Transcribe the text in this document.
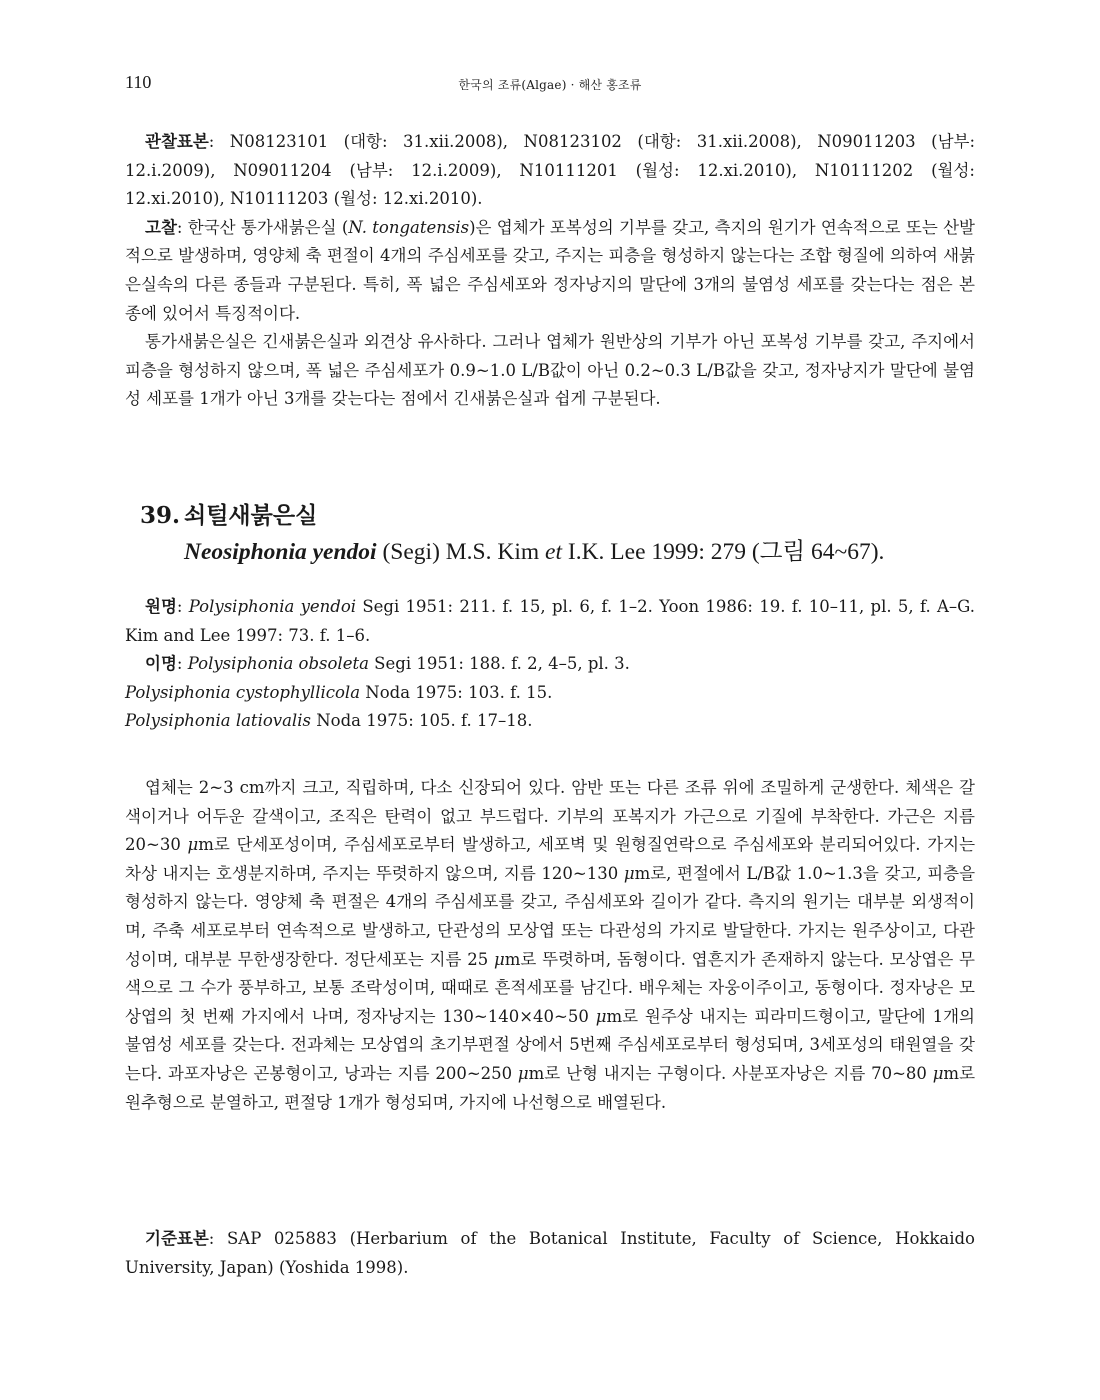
110	한국의 조류(Algae) · 해산 홍조류

관찰표본: N08123101 (대항: 31.xii.2008), N08123102 (대항: 31.xii.2008), N09011203 (남부: 12.i.2009), N09011204 (남부: 12.i.2009), N10111201 (월성: 12.xi.2010), N10111202 (월성: 12.xi.2010), N10111203 (월성: 12.xi.2010).

고찰: 한국산 통가새붉은실 (N. tongatensis)은 엽체가 포복성의 기부를 갖고, 측지의 원기가 연속적으로 또는 산발적으로 발생하며, 영양체 축 편절이 4개의 주심세포를 갖고, 주지는 피층을 형성하지 않는다는 조합 형질에 의하여 새붉은실속의 다른 종들과 구분된다. 특히, 폭 넓은 주심세포와 정자낭지의 말단에 3개의 불염성 세포를 갖는다는 점은 본 종에 있어서 특징적이다.

통가새붉은실은 긴새붉은실과 외견상 유사하다. 그러나 엽체가 원반상의 기부가 아닌 포복성 기부를 갖고, 주지에서 피층을 형성하지 않으며, 폭 넓은 주심세포가 0.9~1.0 L/B값이 아닌 0.2~0.3 L/B값을 갖고, 정자낭지가 말단에 불염성 세포를 1개가 아닌 3개를 갖는다는 점에서 긴새붉은실과 쉽게 구분된다.

39. 쇠털새붉은실
Neosiphonia yendoi (Segi) M.S. Kim et I.K. Lee 1999: 279 (그림 64~67).

원명: Polysiphonia yendoi Segi 1951: 211. f. 15, pl. 6, f. 1–2. Yoon 1986: 19. f. 10–11, pl. 5, f. A–G. Kim and Lee 1997: 73. f. 1–6.

이명: Polysiphonia obsoleta Segi 1951: 188. f. 2, 4–5, pl. 3.

Polysiphonia cystophyllicola Noda 1975: 103. f. 15.

Polysiphonia latiovalis Noda 1975: 105. f. 17–18.

엽체는 2~3 cm까지 크고, 직립하며, 다소 신장되어 있다. 암반 또는 다른 조류 위에 조밀하게 군생한다. 체색은 갈색이거나 어두운 갈색이고, 조직은 탄력이 없고 부드럽다. 기부의 포복지가 가근으로 기질에 부착한다. 가근은 지름 20~30 μm로 단세포성이며, 주심세포로부터 발생하고, 세포벽 및 원형질연락으로 주심세포와 분리되어있다. 가지는 차상 내지는 호생분지하며, 주지는 뚜렷하지 않으며, 지름 120~130 μm로, 편절에서 L/B값 1.0~1.3을 갖고, 피층을 형성하지 않는다. 영양체 축 편절은 4개의 주심세포를 갖고, 주심세포와 길이가 같다. 측지의 원기는 대부분 외생적이며, 주축 세포로부터 연속적으로 발생하고, 단관성의 모상엽 또는 다관성의 가지로 발달한다. 가지는 원주상이고, 다관성이며, 대부분 무한생장한다. 정단세포는 지름 25 μm로 뚜렷하며, 돔형이다. 엽흔지가 존재하지 않는다. 모상엽은 무색으로 그 수가 풍부하고, 보통 조락성이며, 때때로 흔적세포를 남긴다. 배우체는 자웅이주이고, 동형이다. 정자낭은 모상엽의 첫 번째 가지에서 나며, 정자낭지는 130~140×40~50 μm로 원주상 내지는 피라미드형이고, 말단에 1개의 불염성 세포를 갖는다. 전과체는 모상엽의 초기부편절 상에서 5번째 주심세포로부터 형성되며, 3세포성의 태원열을 갖는다. 과포자낭은 곤봉형이고, 낭과는 지름 200~250 μm로 난형 내지는 구형이다. 사분포자낭은 지름 70~80 μm로 원추형으로 분열하고, 편절당 1개가 형성되며, 가지에 나선형으로 배열된다.

기준표본: SAP 025883 (Herbarium of the Botanical Institute, Faculty of Science, Hokkaido University, Japan) (Yoshida 1998).
